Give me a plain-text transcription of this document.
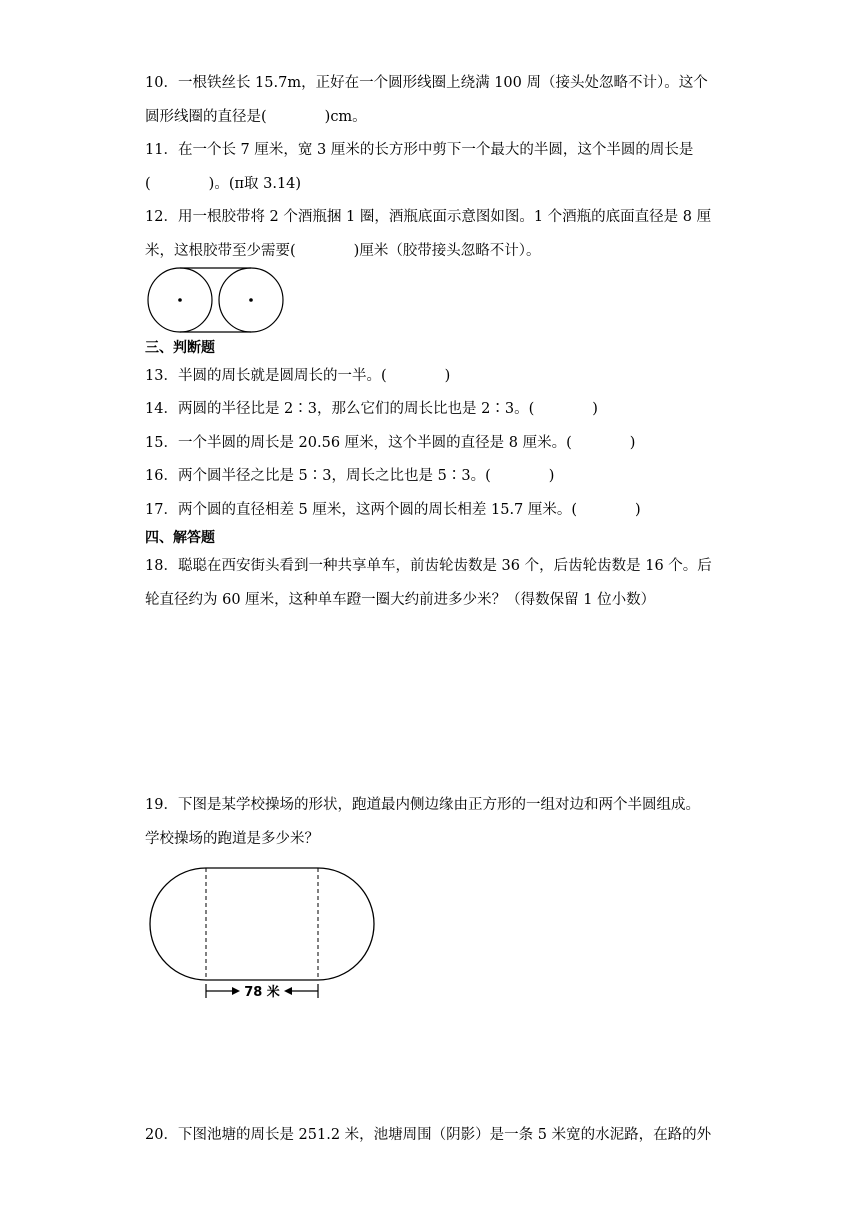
10．一根铁丝长 15.7m，正好在一个圆形线圈上绕满 100 周（接头处忽略不计）。这个
圆形线圈的直径是(　　　　)cm。
11．在一个长 7 厘米，宽 3 厘米的长方形中剪下一个最大的半圆，这个半圆的周长是
(　　　　)。(π取 3.14)
12．用一根胶带将 2 个酒瓶捆 1 圈，酒瓶底面示意图如图。1 个酒瓶的底面直径是 8 厘
米，这根胶带至少需要(　　　　)厘米（胶带接头忽略不计）。
三、判断题
13．半圆的周长就是圆周长的一半。(　　　　)
14．两圆的半径比是 2∶3，那么它们的周长比也是 2∶3。(　　　　)
15．一个半圆的周长是 20.56 厘米，这个半圆的直径是 8 厘米。(　　　　)
16．两个圆半径之比是 5∶3，周长之比也是 5∶3。(　　　　)
17．两个圆的直径相差 5 厘米，这两个圆的周长相差 15.7 厘米。(　　　　)
四、解答题
18．聪聪在西安街头看到一种共享单车，前齿轮齿数是 36 个，后齿轮齿数是 16 个。后
轮直径约为 60 厘米，这种单车蹬一圈大约前进多少米？（得数保留 1 位小数）
19．下图是某学校操场的形状，跑道最内侧边缘由正方形的一组对边和两个半圆组成。
学校操场的跑道是多少米？
78 米
20．下图池塘的周长是 251.2 米，池塘周围（阴影）是一条 5 米宽的水泥路，在路的外
